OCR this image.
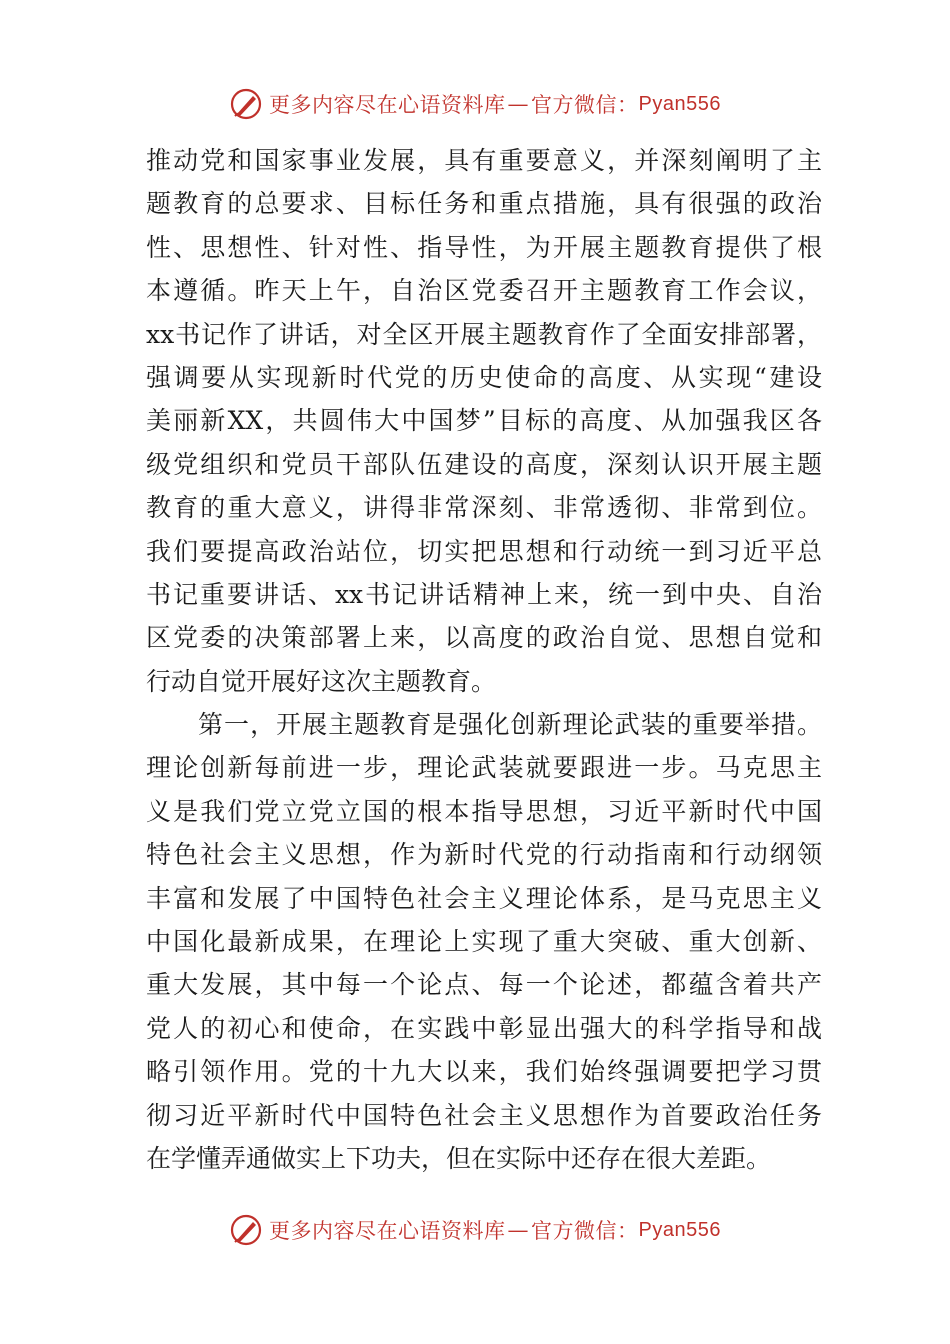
更多内容尽在心语资料库 — 官方微信： Pyan556
推动党和国家事业发展，具有重要意义，并深刻阐明了主
题教育的总要求、目标任务和重点措施，具有很强的政治
性、思想性、针对性、指导性，为开展主题教育提供了根
本遵循。昨天上午，自治区党委召开主题教育工作会议，
xx书记作了讲话，对全区开展主题教育作了全面安排部署，
强调要从实现新时代党的历史使命的高度、从实现“建设
美丽新XX，共圆伟大中国梦”目标的高度、从加强我区各
级党组织和党员干部队伍建设的高度，深刻认识开展主题
教育的重大意义，讲得非常深刻、非常透彻、非常到位。
我们要提高政治站位，切实把思想和行动统一到习近平总
书记重要讲话、xx书记讲话精神上来，统一到中央、自治
区党委的决策部署上来，以高度的政治自觉、思想自觉和
行动自觉开展好这次主题教育。
第一，开展主题教育是强化创新理论武装的重要举措。
理论创新每前进一步，理论武装就要跟进一步。马克思主
义是我们党立党立国的根本指导思想，习近平新时代中国
特色社会主义思想，作为新时代党的行动指南和行动纲领
丰富和发展了中国特色社会主义理论体系，是马克思主义
中国化最新成果，在理论上实现了重大突破、重大创新、
重大发展，其中每一个论点、每一个论述，都蕴含着共产
党人的初心和使命，在实践中彰显出强大的科学指导和战
略引领作用。党的十九大以来，我们始终强调要把学习贯
彻习近平新时代中国特色社会主义思想作为首要政治任务
在学懂弄通做实上下功夫，但在实际中还存在很大差距。
更多内容尽在心语资料库 — 官方微信： Pyan556
